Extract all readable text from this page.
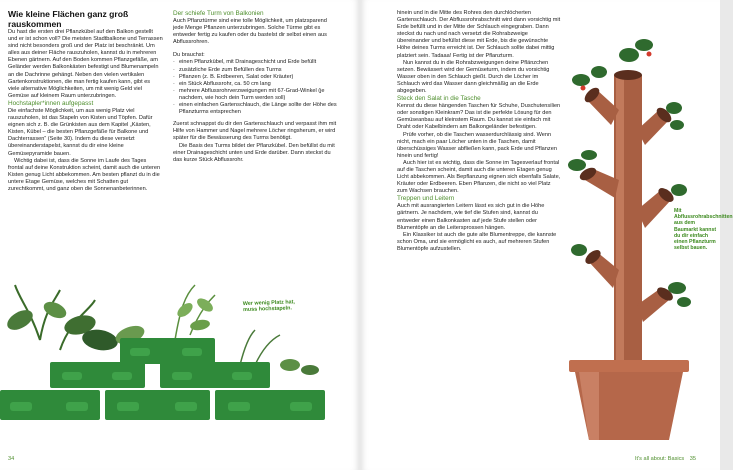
Wie kleine Flächen ganz groß rauskommen

Du hast die ersten drei Pflanzkübel auf den Balkon gestellt und er ist schon voll? Die meisten Stadtbalkone und Terrassen sind nicht besonders groß und der Platz ist beschränkt. Um alles aus deiner Fläche rauszuholen, kannst du in mehreren Ebenen gärtnern. Auf den Boden kommen Pflanzgefäße, am Geländer werden Balkonkästen befestigt und Blumenampeln an die Dachrinne gehängt. Neben den vielen vertikalen Gartenkonstruktionen, die man fertig kaufen kann, gibt es viele alternative Möglichkeiten, um mit wenig Geld viel Gemüse auf kleinem Raum unterzubringen.

Hochstapler*innen aufgepasst

Die einfachste Möglichkeit, um aus wenig Platz viel rauszuholen, ist das Stapeln von Kisten und Töpfen. Dafür eignen sich z. B. die Grünkisten aus dem Kapitel „Kästen, Kisten, Kübel – die besten Pflanzgefäße für Balkone und Dachterrassen“ (Seite 30). Indem du diese versetzt übereinanderstapelst, kannst du dir eine kleine Gemüsepyramide bauen.

Wichtig dabei ist, dass die Sonne im Laufe des Tages frontal auf deine Konstruktion scheint, damit auch die unteren Kisten genug Licht abbekommen. Am besten pflanzt du in die untere Etage Gemüse, welches mit Schatten gut zurechtkommt, und ganz oben die Sonnenanbeterinnen.

Der schiefe Turm von Balkonien

Auch Pflanztürme sind eine tolle Möglichkeit, um platzsparend jede Menge Pflanzen unterzubringen. Solche Türme gibt es entweder fertig zu kaufen oder du bastelst dir selbst einen aus Abflussrohren.

Du brauchst:

· einen Pflanzkübel, mit Drainageschicht und Erde befüllt
· zusätzliche Erde zum Befüllen des Turms
· Pflanzen (z. B. Erdbeeren, Salat oder Kräuter)
· ein Stück Abflussrohr, ca. 50 cm lang
· mehrere Abflussrohrverzweigungen mit 67-Grad-Winkel (je nachdem, wie hoch dein Turm werden soll)
· einen einfachen Gartenschlauch, die Länge sollte der Höhe des Pflanzturms entsprechen

Zuerst schnappst du dir den Gartenschlauch und verpasst ihm mit Hilfe von Hammer und Nagel mehrere Löcher ringsherum, er wird später für die Bewässerung des Turms benötigt.

Die Basis des Turms bildet der Pflanzkübel. Den befüllst du mit einer Drainageschicht unten und Erde darüber. Dann steckst du das kurze Stück Abflussrohr.

Wer wenig Platz hat, muss hochstapeln.
34

hinein und in die Mitte des Rohres den durchlöcherten Gartenschlauch. Der Abflussrohrabschnitt wird dann vorsichtig mit Erde befüllt und in der Mitte der Schlauch eingegraben. Dann steckst du nach und nach versetzt die Rohrabzweige übereinander und befüllst diese mit Erde, bis die gewünschte Höhe deines Turms erreicht ist. Der Schlauch sollte dabei mittig platziert sein. Tadaaa! Fertig ist der Pflanzturm.

Nun kannst du in die Rohrabzweigungen deine Pflänzchen setzen. Bewässert wird der Gemüseturm, indem du vorsichtig Wasser oben in den Schlauch gießt. Durch die Löcher im Schlauch wird das Wasser dann gleichmäßig an die Erde abgegeben.

Steck den Salat in die Tasche

Kennst du diese hängenden Taschen für Schuhe, Duschutensilien oder sonstigen Kleinkram? Das ist die perfekte Lösung für den Gemüseanbau auf kleinstem Raum. Du kannst sie einfach mit Draht oder Kabelbindern am Balkongeländer befestigen.

Prüfe vorher, ob die Taschen wasserdurchlässig sind. Wenn nicht, mach ein paar Löcher unten in die Taschen, damit überschüssiges Wasser abfließen kann, pack Erde und Pflanzen hinein und fertig!

Auch hier ist es wichtig, dass die Sonne im Tagesverlauf frontal auf die Taschen scheint, damit auch die unteren Etagen genug Licht abbekommen. Als Bepflanzung eignen sich ebenfalls Salate, Kräuter oder Erdbeeren. Eben Pflanzen, die nicht so viel Platz zum Wachsen brauchen.

Treppen und Leitern

Auch mit ausrangierten Leitern lässt es sich gut in die Höhe gärtnern. Je nachdem, wie tief die Stufen sind, kannst du entweder einen Balkonkasten auf jede Stufe stellen oder Blumentöpfe an die Leitersprossen hängen.

Ein Klassiker ist auch die gute alte Blumentreppe, die kannste schon Oma, und sie ermöglicht es auch, auf mehreren Stufen Blumentöpfe aufzustellen.

Mit Abflussrohrabschnitten aus dem Baumarkt kannst du dir einfach einen Pflanzturm selbst bauen.
It's all about: Basics 35
